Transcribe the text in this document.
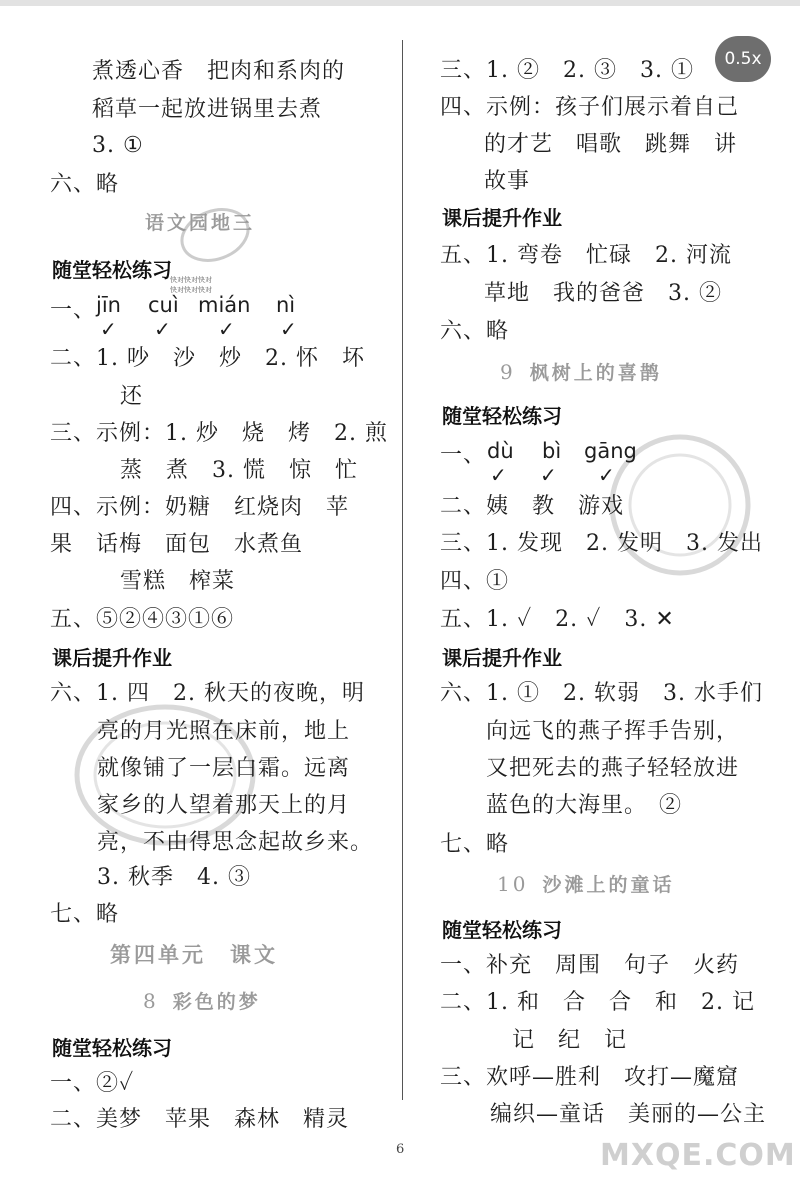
煮透心香　把肉和系肉的
稻草一起放进锅里去煮
3. ①
六、略
语文园地三
随堂轻松练习
快对快对快对
快对快对快对
一、 jīn cuì mián nì
✓ ✓ ✓ ✓
二、1. 吵　沙　炒　2. 怀　坏
还
三、示例：1. 炒　烧　烤　2. 煎
蒸　煮　3. 慌　惊　忙
四、示例：奶糖　红烧肉　苹
果　话梅　面包　水煮鱼
雪糕　榨菜
五、⑤②④③①⑥
课后提升作业
六、1. 四　2. 秋天的夜晚，明
亮的月光照在床前，地上
就像铺了一层白霜。远离
家乡的人望着那天上的月
亮，不由得思念起故乡来。
3. 秋季　4. ③
七、略
第四单元　课文
8 彩色的梦
随堂轻松练习
一、②✓
二、美梦　苹果　森林　精灵
三、1. ②　2. ③　3. ①
四、示例：孩子们展示着自己
的才艺　唱歌　跳舞　讲
故事
课后提升作业
五、1. 弯卷　忙碌　2. 河流
草地　我的爸爸　3. ②
六、略
9 枫树上的喜鹊
随堂轻松练习
一、 dù bì gāng
✓ ✓ ✓
二、姨　教　游戏
三、1. 发现　2. 发明　3. 发出
四、①
五、1. ✓　2. ✓　3. ✕
课后提升作业
六、1. ①　2. 软弱　3. 水手们
向远飞的燕子挥手告别，
又把死去的燕子轻轻放进
蓝色的大海里。　②
七、略
10 沙滩上的童话
随堂轻松练习
一、补充　周围　句子　火药
二、1. 和　合　合　和　2. 记
记　纪　记
三、欢呼—胜利　攻打—魔窟
编织—童话　美丽的—公主
0.5x
6	MXQE.COM
